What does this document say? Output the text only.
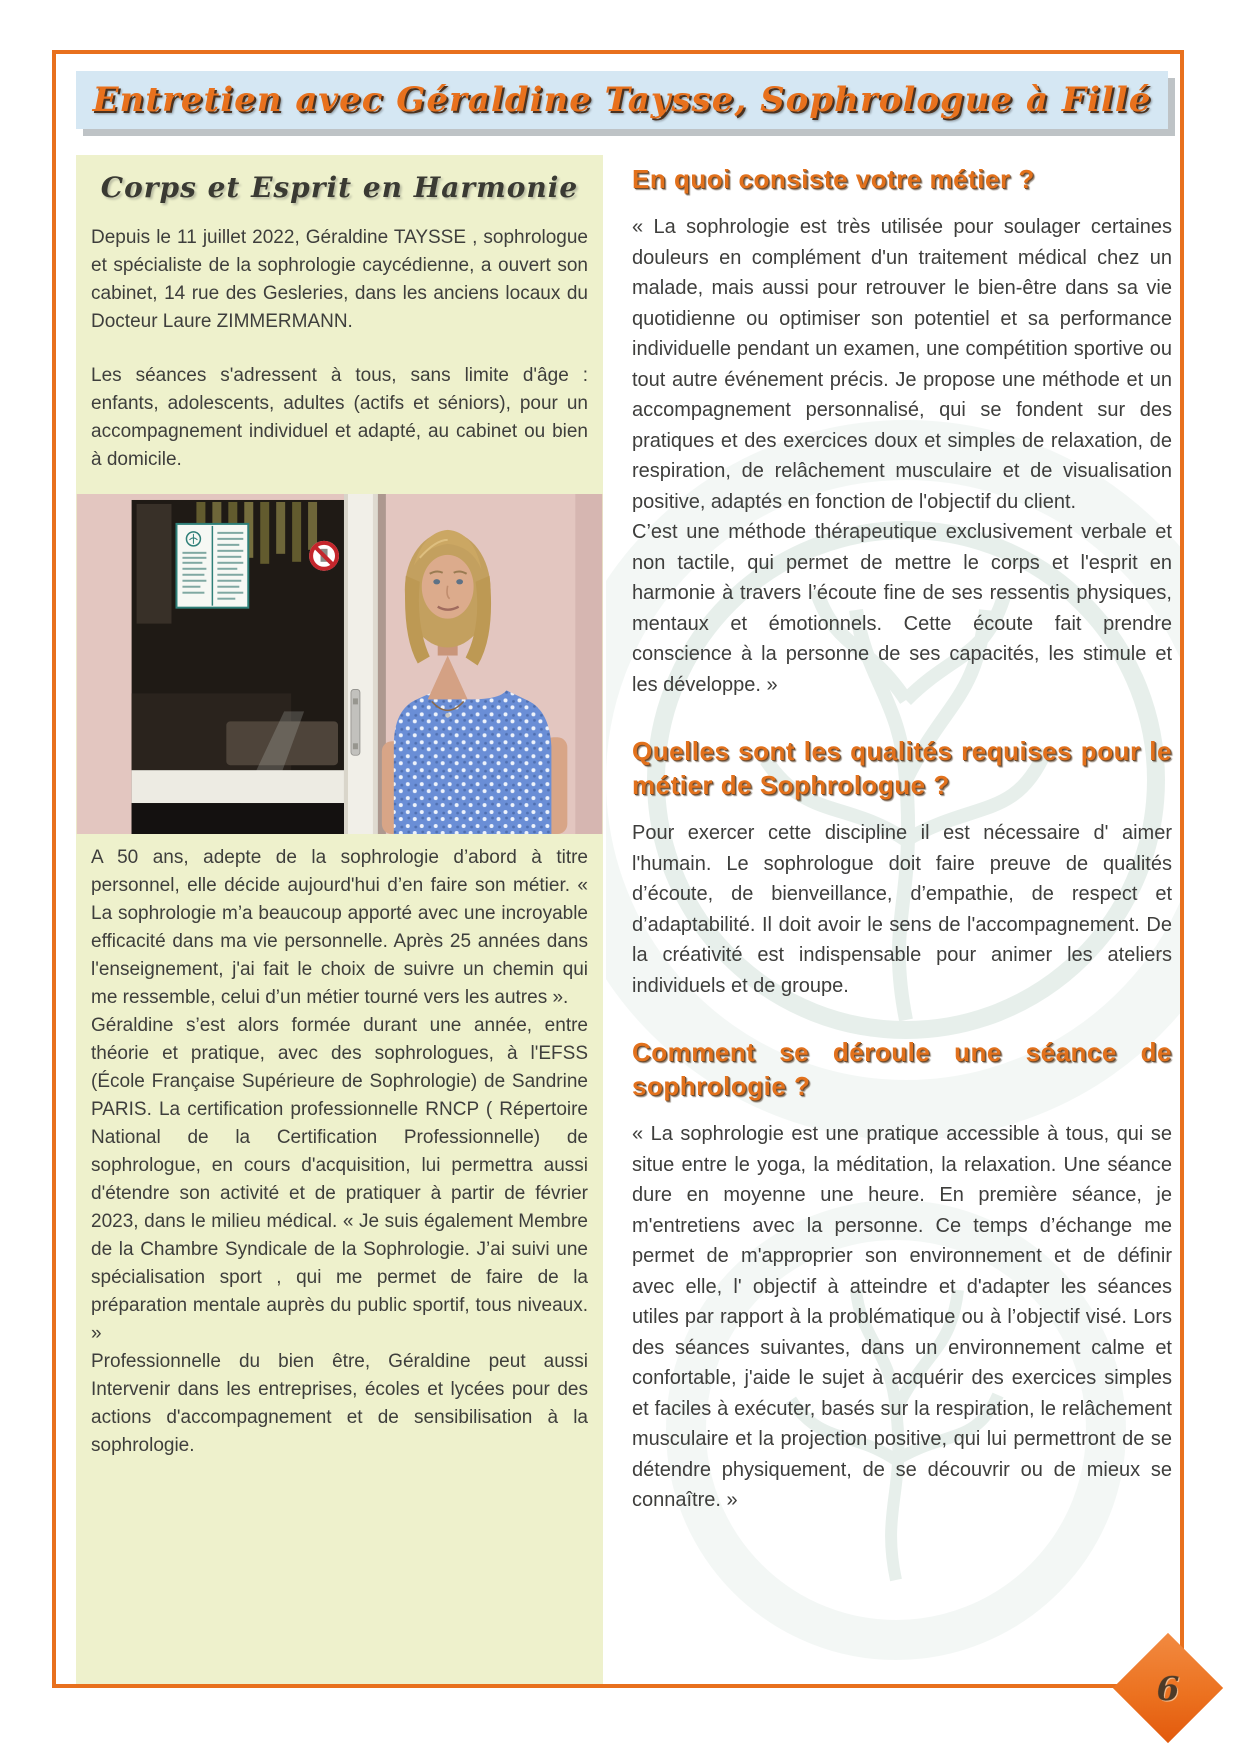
Entretien avec Géraldine Taysse, Sophrologue à Fillé
Corps et Esprit en Harmonie

Depuis le 11 juillet 2022, Géraldine TAYSSE , sophrologue et spécialiste de la sophrologie caycédienne, a ouvert son cabinet, 14 rue des Gesleries, dans les anciens locaux du Docteur Laure ZIMMERMANN.

Les séances s'adressent à tous, sans limite d'âge : enfants, adolescents, adultes (actifs et séniors), pour un accompagnement individuel et adapté, au cabinet ou bien à domicile.

A 50 ans, adepte de la sophrologie d’abord à titre personnel, elle décide aujourd'hui d’en faire son métier. « La sophrologie m’a beaucoup apporté avec une incroyable efficacité dans ma vie personnelle. Après 25 années dans l'enseignement, j'ai fait le choix de suivre un chemin qui me ressemble, celui d’un métier tourné vers les autres ».

Géraldine s’est alors formée durant une année, entre théorie et pratique, avec des sophrologues, à l'EFSS (École Française Supérieure de Sophrologie) de Sandrine PARIS. La certification professionnelle RNCP ( Répertoire National de la Certification Professionnelle) de sophrologue, en cours d'acquisition, lui permettra aussi d'étendre son activité et de pratiquer à partir de février 2023, dans le milieu médical. « Je suis également Membre de la Chambre Syndicale de la Sophrologie. J’ai suivi une spécialisation sport , qui me permet de faire de la préparation mentale auprès du public sportif, tous niveaux. »

Professionnelle du bien être, Géraldine peut aussi Intervenir dans les entreprises, écoles et lycées pour des actions d'accompagnement et de sensibilisation à la sophrologie.

En quoi consiste votre métier ?

« La sophrologie est très utilisée pour soulager certaines douleurs en complément d'un traitement médical chez un malade, mais aussi pour retrouver le bien-être dans sa vie quotidienne ou optimiser son potentiel et sa performance individuelle pendant un examen, une compétition sportive ou tout autre événement précis. Je propose une méthode et un accompagnement personnalisé, qui se fondent sur des pratiques et des exercices doux et simples de relaxation, de respiration, de relâchement musculaire et de visualisation positive, adaptés en fonction de l'objectif du client.

C’est une méthode thérapeutique exclusivement verbale et non tactile, qui permet de mettre le corps et l'esprit en harmonie à travers l’écoute fine de ses ressentis physiques, mentaux et émotionnels. Cette écoute fait prendre conscience à la personne de ses capacités, les stimule et les développe. »

Quelles sont les qualités requises pour le métier de Sophrologue ?

Pour exercer cette discipline il est nécessaire d' aimer l'humain. Le sophrologue doit faire preuve de qualités d’écoute, de bienveillance, d’empathie, de respect et d’adaptabilité. Il doit avoir le sens de l'accompagnement. De la créativité est indispensable pour animer les ateliers individuels et de groupe.

Comment se déroule une séance de sophrologie ?

« La sophrologie est une pratique accessible à tous, qui se situe entre le yoga, la méditation, la relaxation. Une séance dure en moyenne une heure. En première séance, je m'entretiens avec la personne. Ce temps d’échange me permet de m'approprier son environnement et de définir avec elle, l' objectif à atteindre et d'adapter les séances utiles par rapport à la problématique ou à l’objectif visé. Lors des séances suivantes, dans un environnement calme et confortable, j'aide le sujet à acquérir des exercices simples et faciles à exécuter, basés sur la respiration, le relâchement musculaire et la projection positive, qui lui permettront de se détendre physiquement, de se découvrir ou de mieux se connaître. »

6
